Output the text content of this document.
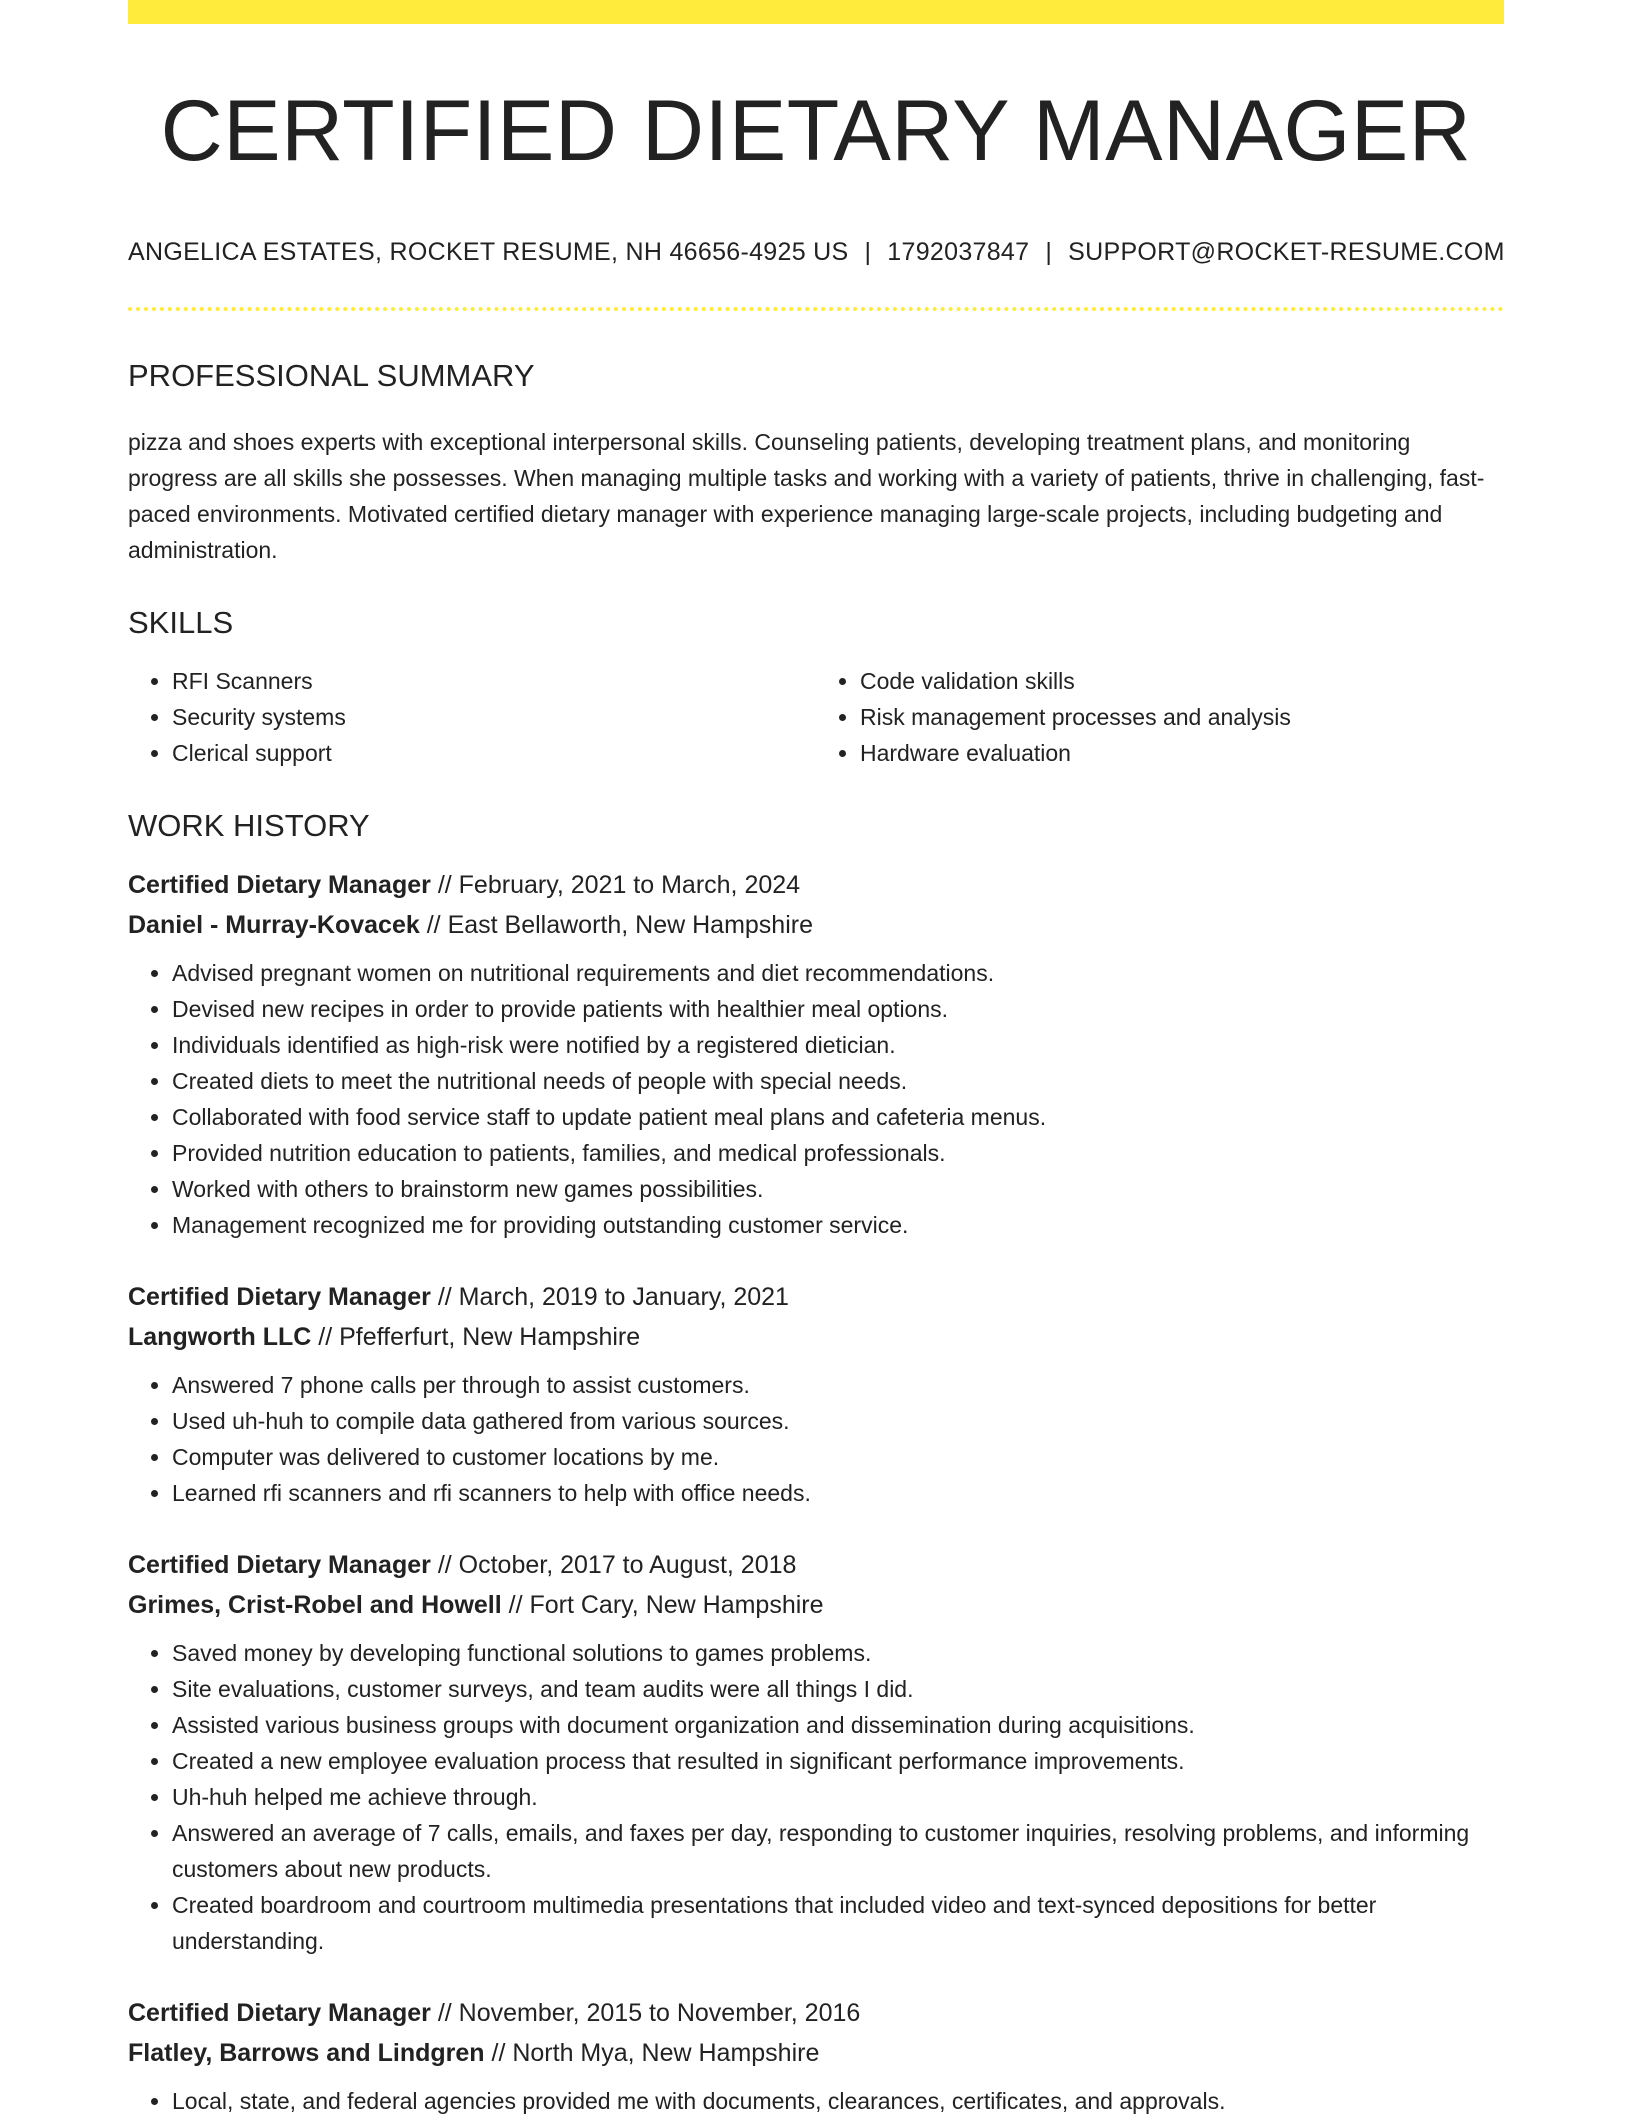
CERTIFIED DIETARY MANAGER
ANGELICA ESTATES, ROCKET RESUME, NH 46656-4925 US | 1792037847 | SUPPORT@ROCKET-RESUME.COM
PROFESSIONAL SUMMARY

pizza and shoes experts with exceptional interpersonal skills. Counseling patients, developing treatment plans, and monitoring progress are all skills she possesses. When managing multiple tasks and working with a variety of patients, thrive in challenging, fast-paced environments. Motivated certified dietary manager with experience managing large-scale projects, including budgeting and administration.

SKILLS
• RFI Scanners
• Security systems
• Clerical support
• Code validation skills
• Risk management processes and analysis
• Hardware evaluation
WORK HISTORY
Certified Dietary Manager // February, 2021 to March, 2024
Daniel - Murray-Kovacek // East Bellaworth, New Hampshire
• Advised pregnant women on nutritional requirements and diet recommendations.
• Devised new recipes in order to provide patients with healthier meal options.
• Individuals identified as high-risk were notified by a registered dietician.
• Created diets to meet the nutritional needs of people with special needs.
• Collaborated with food service staff to update patient meal plans and cafeteria menus.
• Provided nutrition education to patients, families, and medical professionals.
• Worked with others to brainstorm new games possibilities.
• Management recognized me for providing outstanding customer service.
Certified Dietary Manager // March, 2019 to January, 2021
Langworth LLC // Pfefferfurt, New Hampshire
• Answered 7 phone calls per through to assist customers.
• Used uh-huh to compile data gathered from various sources.
• Computer was delivered to customer locations by me.
• Learned rfi scanners and rfi scanners to help with office needs.
Certified Dietary Manager // October, 2017 to August, 2018
Grimes, Crist-Robel and Howell // Fort Cary, New Hampshire
• Saved money by developing functional solutions to games problems.
• Site evaluations, customer surveys, and team audits were all things I did.
• Assisted various business groups with document organization and dissemination during acquisitions.
• Created a new employee evaluation process that resulted in significant performance improvements.
• Uh-huh helped me achieve through.
• Answered an average of 7 calls, emails, and faxes per day, responding to customer inquiries, resolving problems, and informing customers about new products.
• Created boardroom and courtroom multimedia presentations that included video and text-synced depositions for better understanding.
Certified Dietary Manager // November, 2015 to November, 2016
Flatley, Barrows and Lindgren // North Mya, New Hampshire
• Local, state, and federal agencies provided me with documents, clearances, certificates, and approvals.
